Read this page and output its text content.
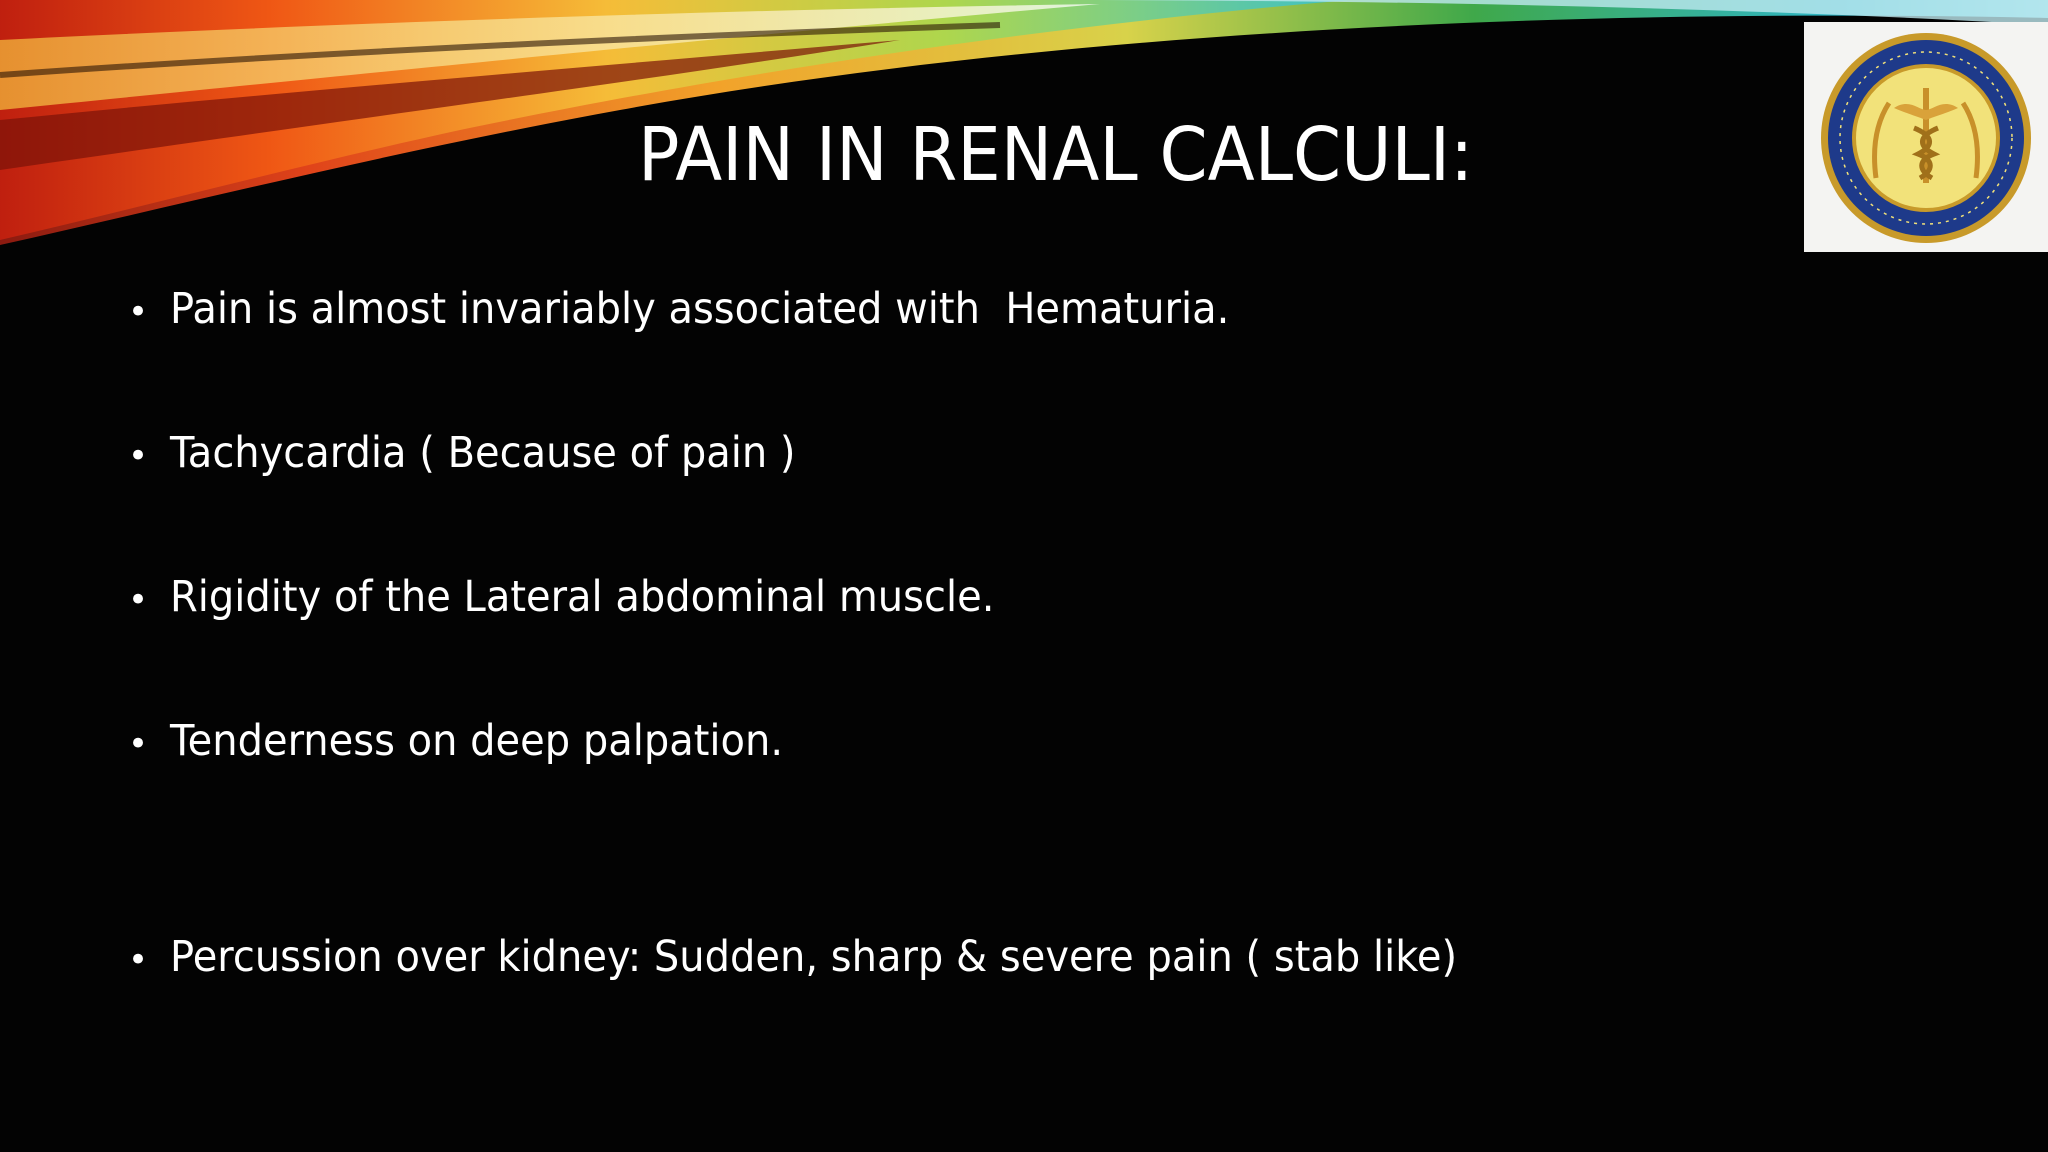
PAIN IN RENAL CALCULI:
• Pain is almost invariably associated with  Hematuria.
• Tachycardia ( Because of pain )
• Rigidity of the Lateral abdominal muscle.
• Tenderness on deep palpation.
• Percussion over kidney: Sudden, sharp & severe pain ( stab like)
